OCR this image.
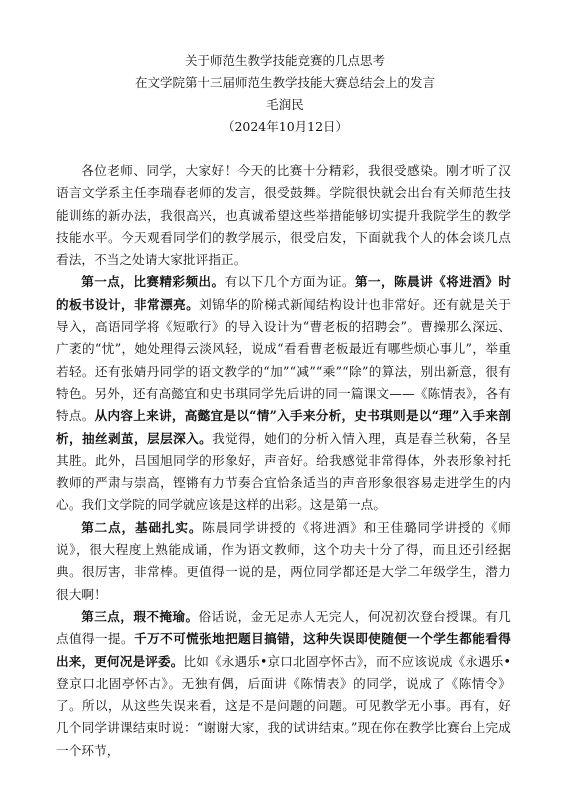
关于师范生教学技能竞赛的几点思考
在文学院第十三届师范生教学技能大赛总结会上的发言
毛润民
（2024年10月12日）

各位老师、同学，大家好！今天的比赛十分精彩，我很受感染。刚才听了汉语言文学系主任李瑞春老师的发言，很受鼓舞。学院很快就会出台有关师范生技能训练的新办法，我很高兴，也真诚希望这些举措能够切实提升我院学生的教学技能水平。今天观看同学们的教学展示，很受启发，下面就我个人的体会谈几点看法，不当之处请大家批评指正。

第一点，比赛精彩频出。有以下几个方面为证。第一，陈晨讲《将进酒》时的板书设计，非常漂亮。刘锦华的阶梯式新闻结构设计也非常好。还有就是关于导入，高语同学将《短歌行》的导入设计为“曹老板的招聘会”。曹操那么深远、广袤的“忧”，她处理得云淡风轻，说成“看看曹老板最近有哪些烦心事儿”，举重若轻。还有张婧丹同学的语文教学的“加”“减”“乘”“除”的算法，别出新意，很有特色。另外，还有高懿宜和史书琪同学先后讲的同一篇课文——《陈情表》，各有特点。从内容上来讲，高懿宜是以“情”入手来分析，史书琪则是以“理”入手来剖析，抽丝剥茧，层层深入。我觉得，她们的分析入情入理，真是春兰秋菊，各呈其胜。此外，吕国旭同学的形象好，声音好。给我感觉非常得体，外表形象衬托教师的严肃与崇高，铿锵有力节奏合宜恰条适当的声音形象很容易走进学生的内心。我们文学院的同学就应该是这样的出彩。这是第一点。

第二点，基础扎实。陈晨同学讲授的《将进酒》和王佳璐同学讲授的《师说》，很大程度上熟能成诵，作为语文教师，这个功夫十分了得，而且还引经据典。很厉害，非常棒。更值得一说的是，两位同学都还是大学二年级学生，潜力很大啊！

第三点，瑕不掩瑜。俗话说，金无足赤人无完人，何况初次登台授课。有几点值得一提。千万不可慌张地把题目搞错，这种失误即使随便一个学生都能看得出来，更何况是评委。比如《永遇乐•京口北固亭怀古》，而不应该说成《永遇乐•登京口北固亭怀古》。无独有偶，后面讲《陈情表》的同学，说成了《陈情令》了。所以，从这些失误来看，这是不是问题的问题。可见教学无小事。再有，好几个同学讲课结束时说：“谢谢大家，我的试讲结束。”现在你在教学比赛台上完成一个环节，
